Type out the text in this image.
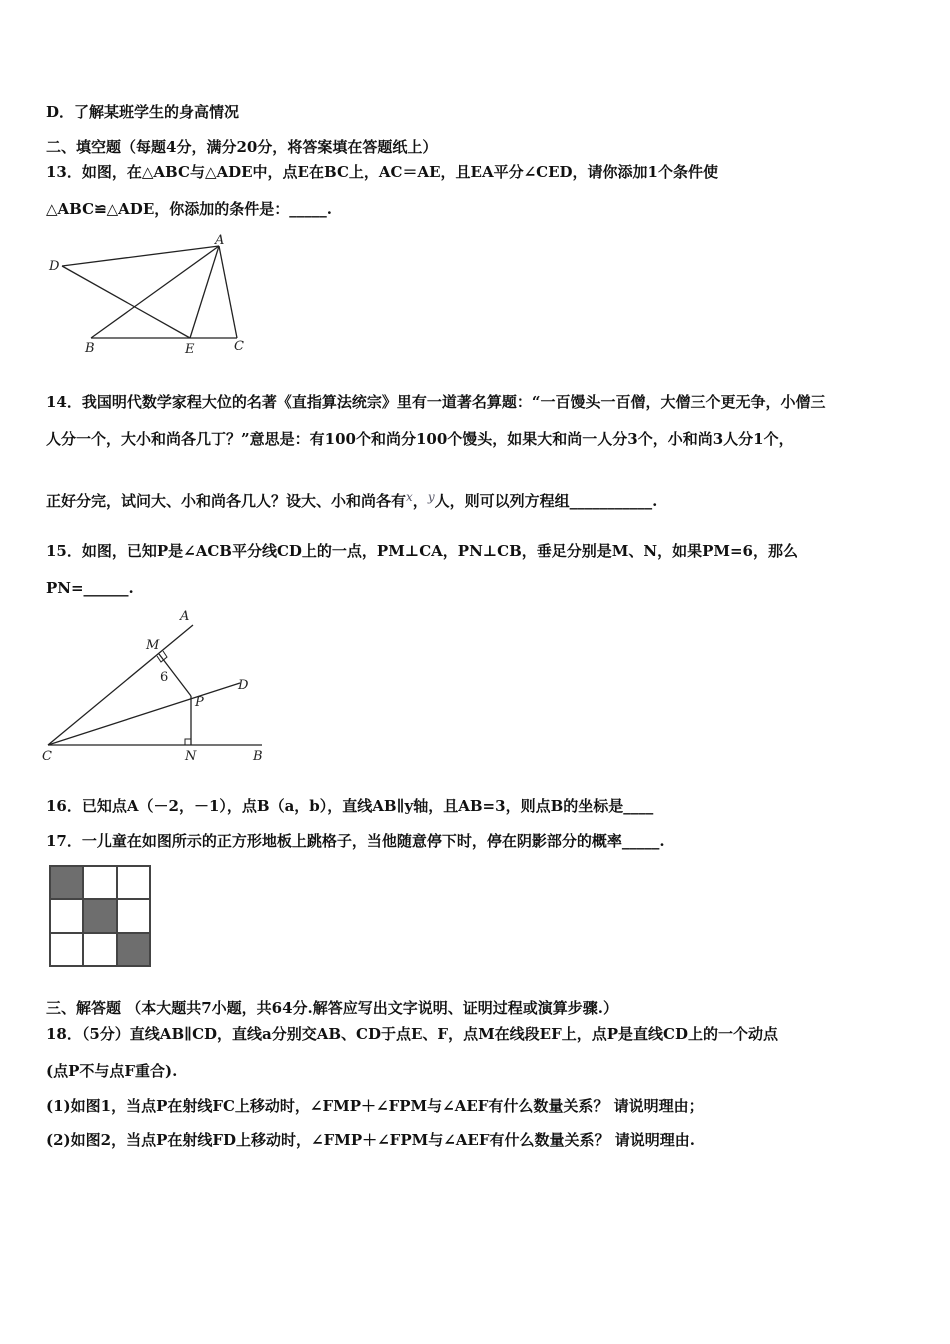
D．了解某班学生的身高情况
二、填空题（每题4分，满分20分，将答案填在答题纸上）
13．如图，在△ABC与△ADE中，点E在BC上，AC＝AE，且EA平分∠CED，请你添加1个条件使
△ABC≌△ADE，你添加的条件是：_____.
A
D
B	E	C
14．我国明代数学家程大位的名著《直指算法统宗》里有一道著名算题：“一百馒头一百僧，大僧三个更无争，小僧三
人分一个，大小和尚各几丁？”意思是：有100个和尚分100个馒头，如果大和尚一人分3个，小和尚3人分1个，
正好分完，试问大、小和尚各几人？设大、小和尚各有$^x$，$^y$人，则可以列方程组___________.
15．如图，已知P是∠ACB平分线CD上的一点，PM⊥CA，PN⊥CB，垂足分别是M、N，如果PM=6，那么
PN=______.
A
M
6
P
D
C	N	B
16．已知点A（－2，－1），点B（a，b），直线AB∥y轴，且AB=3，则点B的坐标是____
17．一儿童在如图所示的正方形地板上跳格子，当他随意停下时，停在阴影部分的概率_____.
三、解答题 （本大题共7小题，共64分.解答应写出文字说明、证明过程或演算步骤.）
18．（5分）直线AB∥CD，直线a分别交AB、CD于点E、F，点M在线段EF上，点P是直线CD上的一个动点
(点P不与点F重合).
(1)如图1，当点P在射线FC上移动时，∠FMP＋∠FPM与∠AEF有什么数量关系？ 请说明理由；
(2)如图2，当点P在射线FD上移动时，∠FMP＋∠FPM与∠AEF有什么数量关系？ 请说明理由.
